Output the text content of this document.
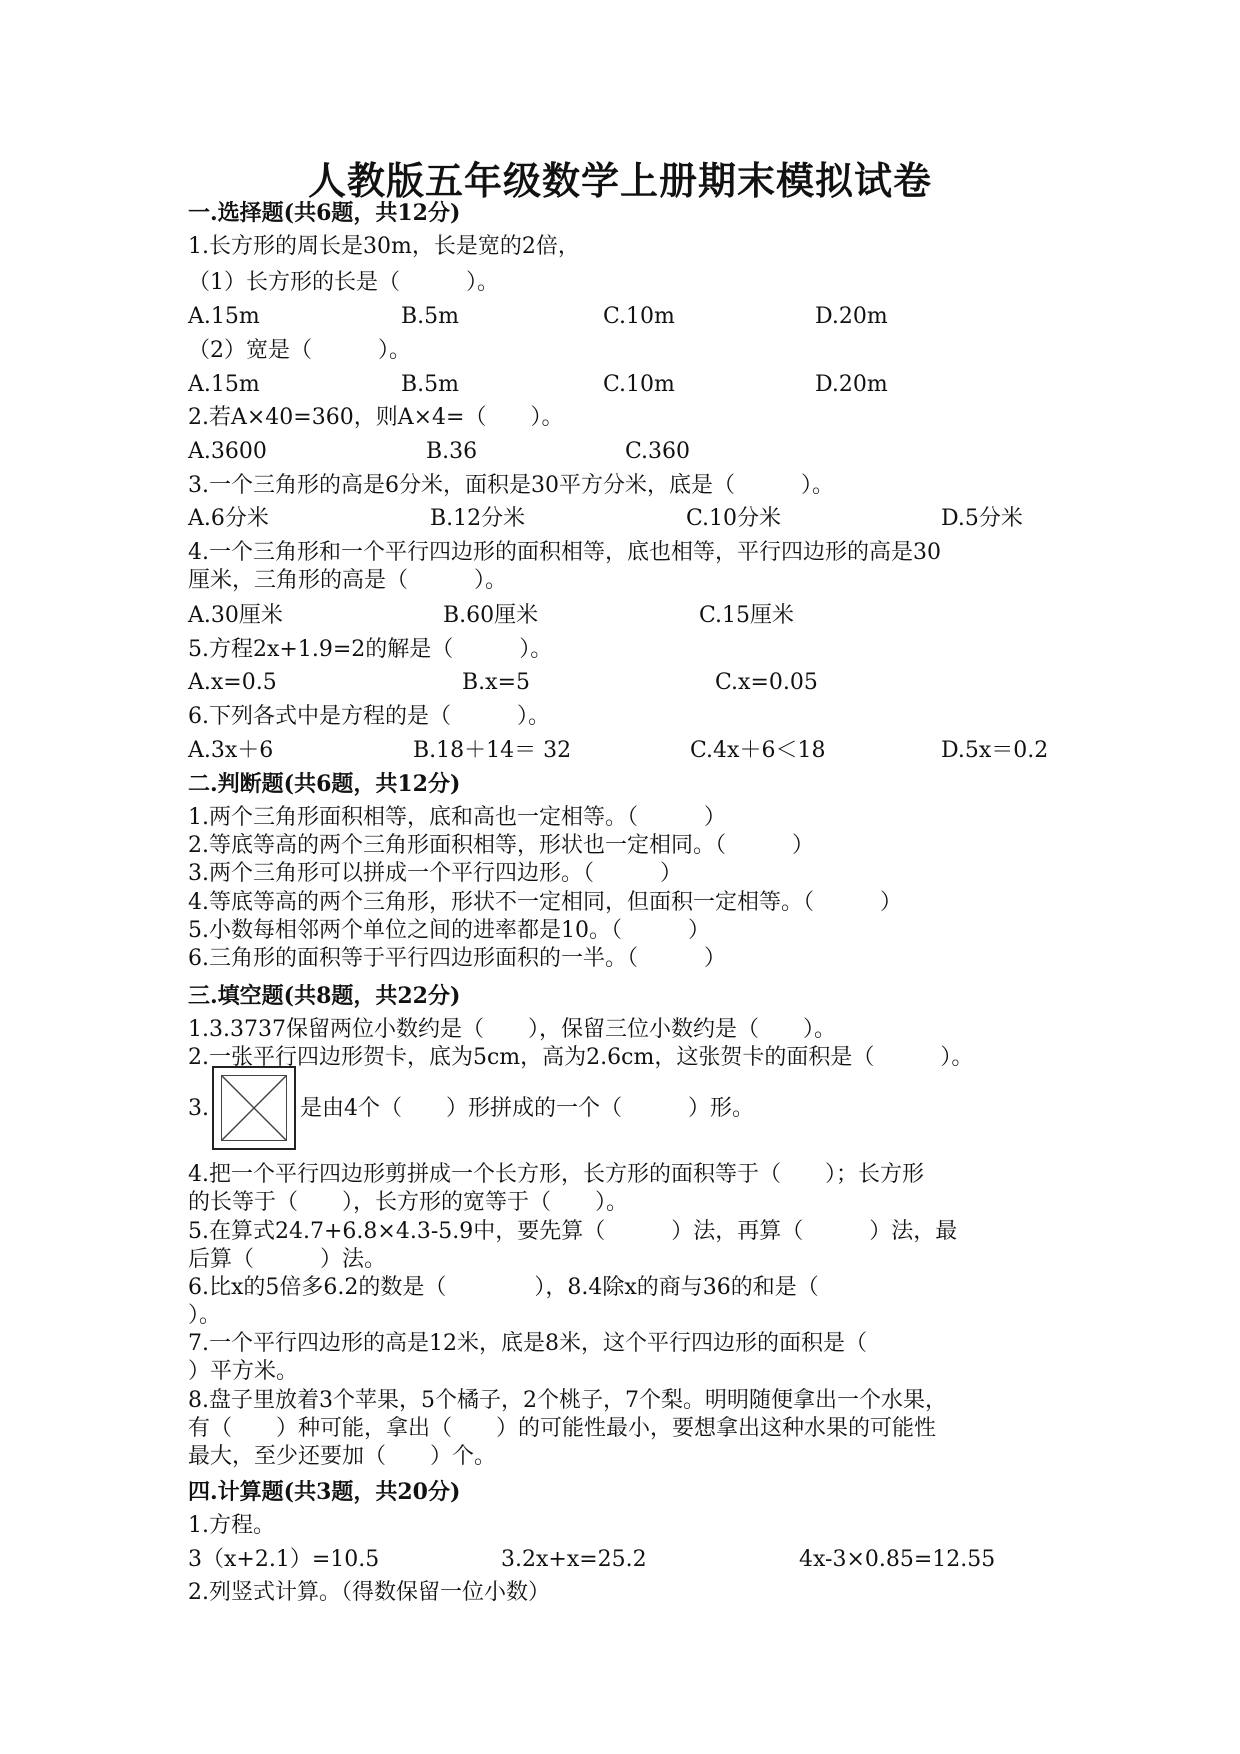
人教版五年级数学上册期末模拟试卷
一.选择题(共6题，共12分)
1.长方形的周长是30m，长是宽的2倍，
（1）长方形的长是（　　　）。
A.15m	B.5m	C.10m	D.20m
（2）宽是（　　　）。
A.15m	B.5m	C.10m	D.20m
2.若A×40=360，则A×4=（　　）。
A.3600	B.36	C.360
3.一个三角形的高是6分米，面积是30平方分米，底是（　　　）。
A.6分米	B.12分米	C.10分米	D.5分米
4.一个三角形和一个平行四边形的面积相等，底也相等，平行四边形的高是30
厘米，三角形的高是（　　　）。
A.30厘米	B.60厘米	C.15厘米
5.方程2x+1.9=2的解是（　　　）。
A.x=0.5	B.x=5	C.x=0.05
6.下列各式中是方程的是（　　　）。
A.3x＋6	B.18＋14＝ 32	C.4x＋6＜18	D.5x＝0.2
二.判断题(共6题，共12分)
1.两个三角形面积相等，底和高也一定相等。（　　　）
2.等底等高的两个三角形面积相等，形状也一定相同。（　　　）
3.两个三角形可以拼成一个平行四边形。（　　　）
4.等底等高的两个三角形，形状不一定相同，但面积一定相等。（　　　）
5.小数每相邻两个单位之间的进率都是10。（　　　）
6.三角形的面积等于平行四边形面积的一半。（　　　）
三.填空题(共8题，共22分)
1.3.3737保留两位小数约是（　　），保留三位小数约是（　　）。
2.一张平行四边形贺卡，底为5cm，高为2.6cm，这张贺卡的面积是（　　　）。
3.	是由4个（　　）形拼成的一个（　　　）形。
4.把一个平行四边形剪拼成一个长方形，长方形的面积等于（　　）；长方形
的长等于（　　），长方形的宽等于（　　）。
5.在算式24.7+6.8×4.3-5.9中，要先算（　　　）法，再算（　　　）法，最
后算（　　　）法。
6.比x的5倍多6.2的数是（　　　　），8.4除x的商与36的和是（
）。
7.一个平行四边形的高是12米，底是8米，这个平行四边形的面积是（
）平方米。
8.盘子里放着3个苹果，5个橘子，2个桃子，7个梨。明明随便拿出一个水果，
有（　　）种可能，拿出（　　）的可能性最小，要想拿出这种水果的可能性
最大，至少还要加（　　）个。
四.计算题(共3题，共20分)
1.方程。
3（x+2.1）=10.5	3.2x+x=25.2	4x-3×0.85=12.55
2.列竖式计算。（得数保留一位小数）
